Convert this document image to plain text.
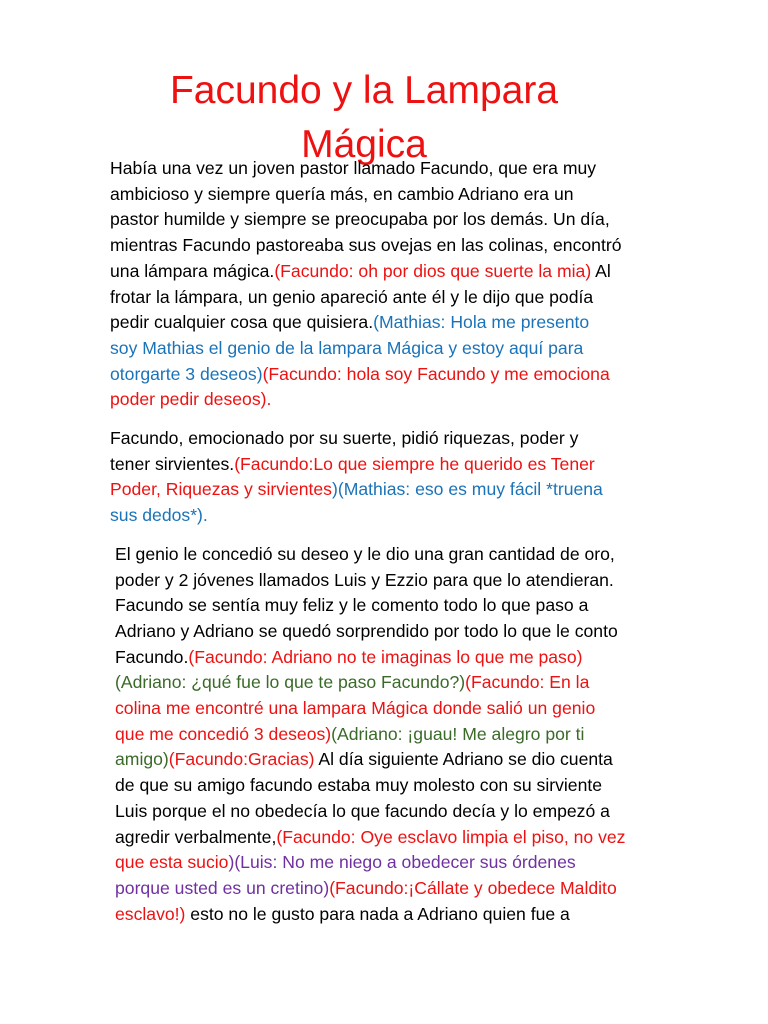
Facundo y la Lampara
Mágica

Había una vez un joven pastor llamado Facundo, que era muy
ambicioso y siempre quería más, en cambio Adriano era un
pastor humilde y siempre se preocupaba por los demás. Un día,
mientras Facundo pastoreaba sus ovejas en las colinas, encontró
una lámpara mágica.(Facundo: oh por dios que suerte la mia) Al
frotar la lámpara, un genio apareció ante él y le dijo que podía
pedir cualquier cosa que quisiera.(Mathias: Hola me presento
soy Mathias el genio de la lampara Mágica y estoy aquí para
otorgarte 3 deseos)(Facundo: hola soy Facundo y me emociona
poder pedir deseos).

Facundo, emocionado por su suerte, pidió riquezas, poder y
tener sirvientes.(Facundo:Lo que siempre he querido es Tener
Poder, Riquezas y sirvientes)(Mathias: eso es muy fácil *truena
sus dedos*).

El genio le concedió su deseo y le dio una gran cantidad de oro,
poder y 2 jóvenes llamados Luis y Ezzio para que lo atendieran.
Facundo se sentía muy feliz y le comento todo lo que paso a
Adriano y Adriano se quedó sorprendido por todo lo que le conto
Facundo.(Facundo: Adriano no te imaginas lo que me paso)
(Adriano: ¿qué fue lo que te paso Facundo?)(Facundo: En la
colina me encontré una lampara Mágica donde salió un genio
que me concedió 3 deseos)(Adriano: ¡guau! Me alegro por ti
amigo)(Facundo:Gracias) Al día siguiente Adriano se dio cuenta
de que su amigo facundo estaba muy molesto con su sirviente
Luis porque el no obedecía lo que facundo decía y lo empezó a
agredir verbalmente,(Facundo: Oye esclavo limpia el piso, no vez
que esta sucio)(Luis: No me niego a obedecer sus órdenes
porque usted es un cretino)(Facundo:¡Cállate y obedece Maldito
esclavo!) esto no le gusto para nada a Adriano quien fue a
